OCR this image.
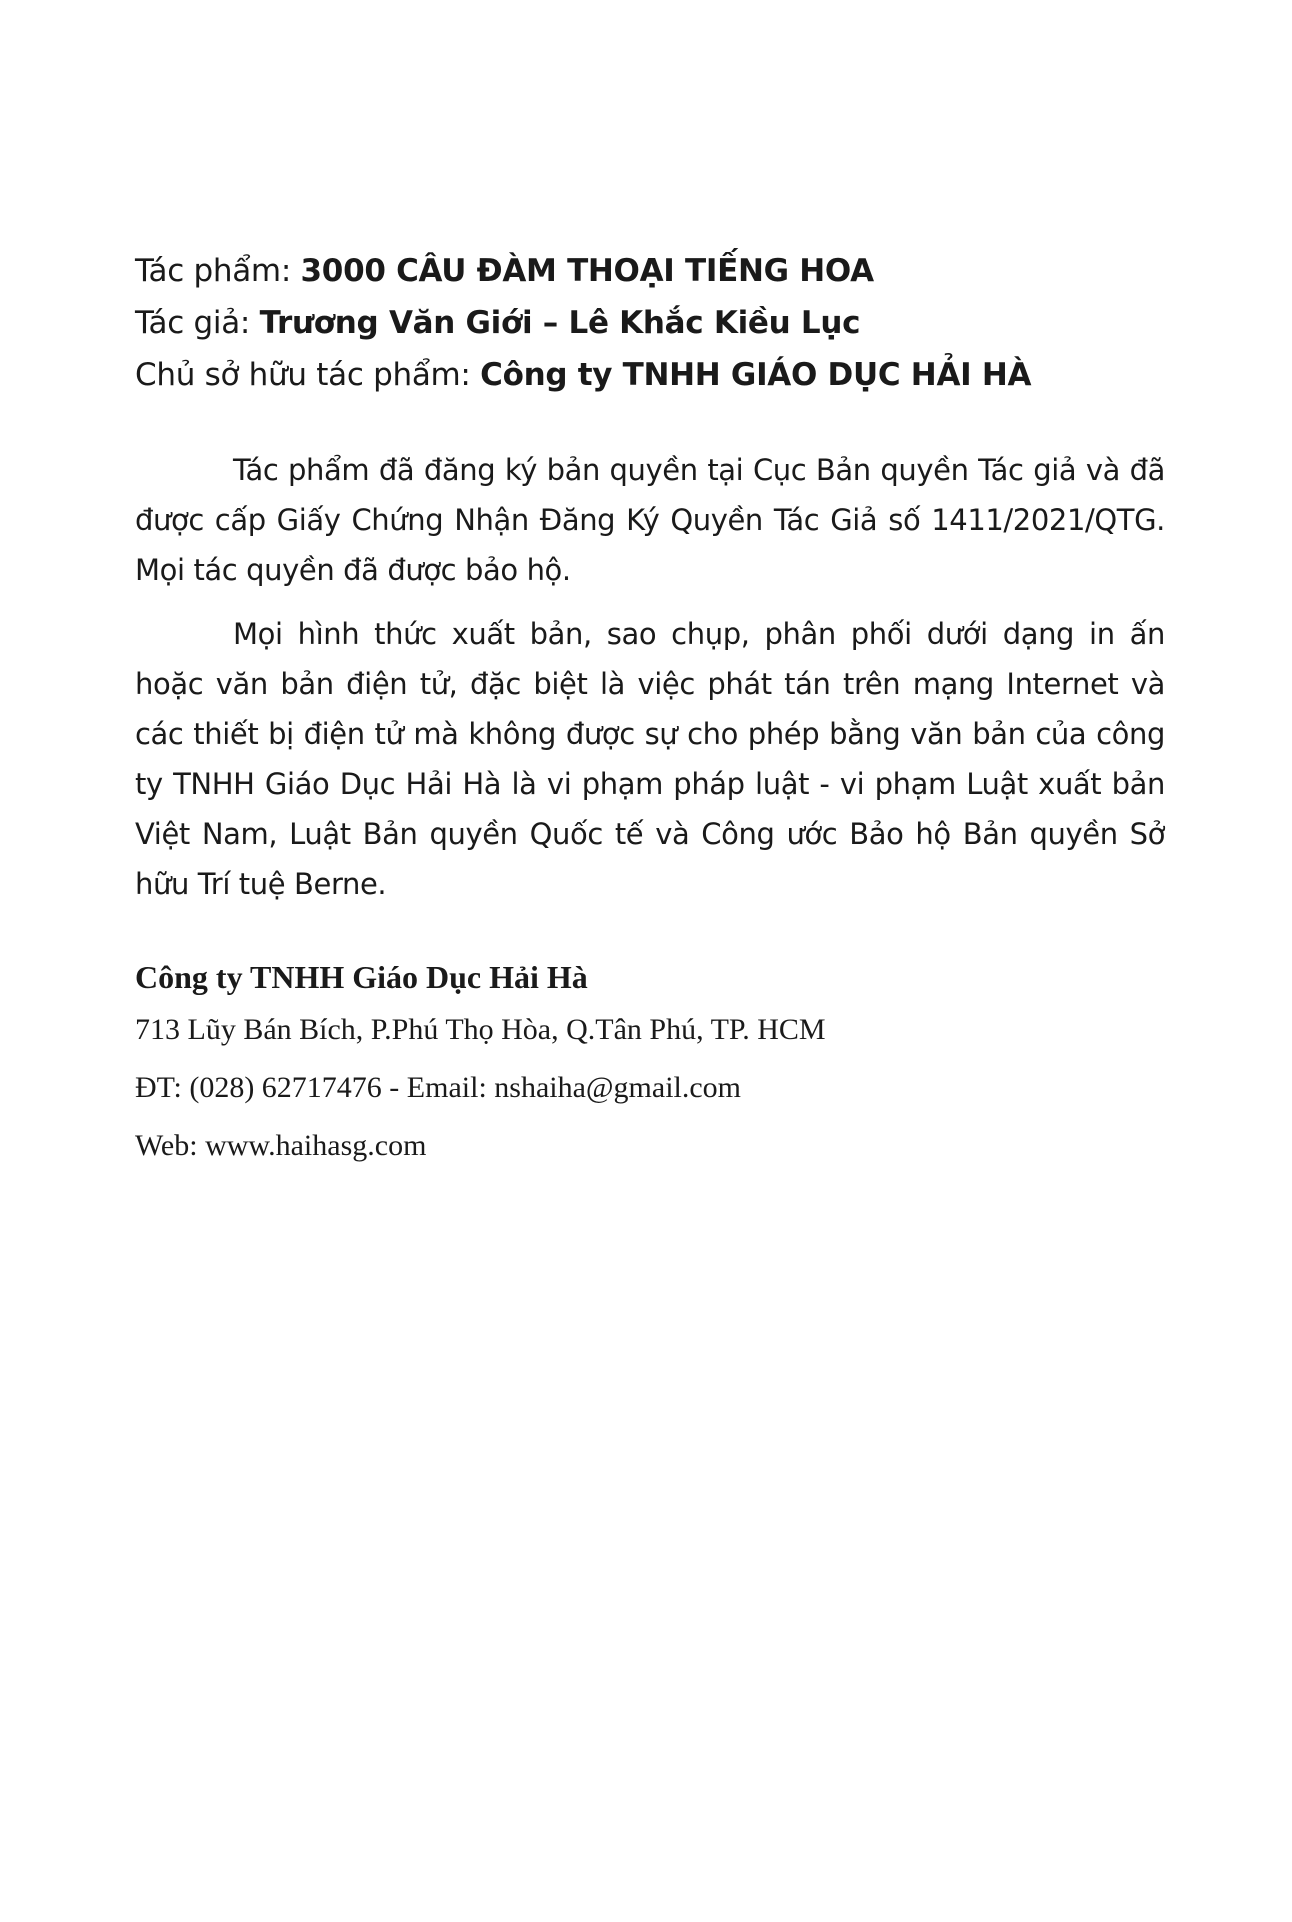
Tác phẩm: 3000 CÂU ĐÀM THOẠI TIẾNG HOA
Tác giả: Trương Văn Giới – Lê Khắc Kiều Lục
Chủ sở hữu tác phẩm: Công ty TNHH GIÁO DỤC HẢI HÀ

Tác phẩm đã đăng ký bản quyền tại Cục Bản quyền Tác giả và đã được cấp Giấy Chứng Nhận Đăng Ký Quyền Tác Giả số 1411/2021/QTG. Mọi tác quyền đã được bảo hộ.

Mọi hình thức xuất bản, sao chụp, phân phối dưới dạng in ấn hoặc văn bản điện tử, đặc biệt là việc phát tán trên mạng Internet và các thiết bị điện tử mà không được sự cho phép bằng văn bản của công ty TNHH Giáo Dục Hải Hà là vi phạm pháp luật - vi phạm Luật xuất bản Việt Nam, Luật Bản quyền Quốc tế và Công ước Bảo hộ Bản quyền Sở hữu Trí tuệ Berne.

Công ty TNHH Giáo Dục Hải Hà
713 Lũy Bán Bích, P.Phú Thọ Hòa, Q.Tân Phú, TP. HCM
ĐT: (028) 62717476 - Email: nshaiha@gmail.com
Web: www.haihasg.com
